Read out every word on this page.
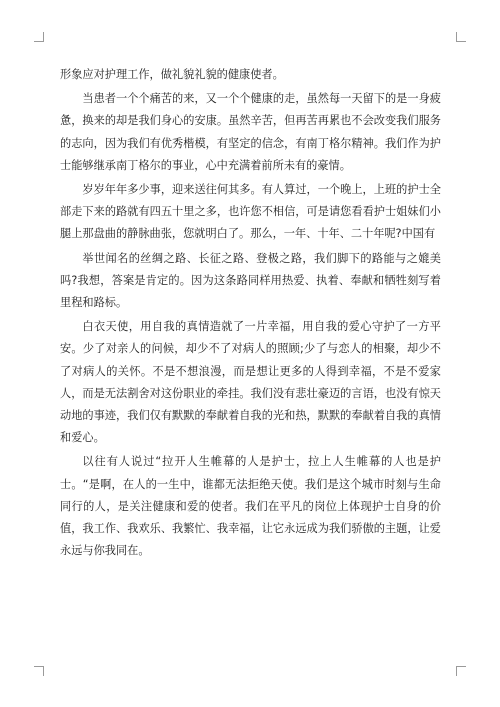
形象应对护理工作，做礼貌礼貌的健康使者。

当患者一个个痛苦的来，又一个个健康的走，虽然每一天留下的是一身疲惫，换来的却是我们身心的安康。虽然辛苦，但再苦再累也不会改变我们服务的志向，因为我们有优秀楷模，有坚定的信念，有南丁格尔精神。我们作为护士能够继承南丁格尔的事业，心中充满着前所未有的豪情。

岁岁年年多少事，迎来送往何其多。有人算过，一个晚上，上班的护士全部走下来的路就有四五十里之多，也许您不相信，可是请您看看护士姐妹们小腿上那盘曲的静脉曲张，您就明白了。那么，一年、十年、二十年呢?中国有

举世闻名的丝绸之路、长征之路、登极之路，我们脚下的路能与之媲美吗?我想，答案是肯定的。因为这条路同样用热爱、执着、奉献和牺牲刻写着里程和路标。

白衣天使，用自我的真情造就了一片幸福，用自我的爱心守护了一方平安。少了对亲人的问候，却少不了对病人的照顾;少了与恋人的相聚，却少不了对病人的关怀。不是不想浪漫，而是想让更多的人得到幸福，不是不爱家人，而是无法割舍对这份职业的牵挂。我们没有悲壮豪迈的言语，也没有惊天动地的事迹，我们仅有默默的奉献着自我的光和热，默默的奉献着自我的真情和爱心。

以往有人说过“拉开人生帷幕的人是护士，拉上人生帷幕的人也是护士。“是啊，在人的一生中，谁都无法拒绝天使。我们是这个城市时刻与生命同行的人，是关注健康和爱的使者。我们在平凡的岗位上体现护士自身的价值，我工作、我欢乐、我繁忙、我幸福，让它永远成为我们骄傲的主题，让爱永远与你我同在。
